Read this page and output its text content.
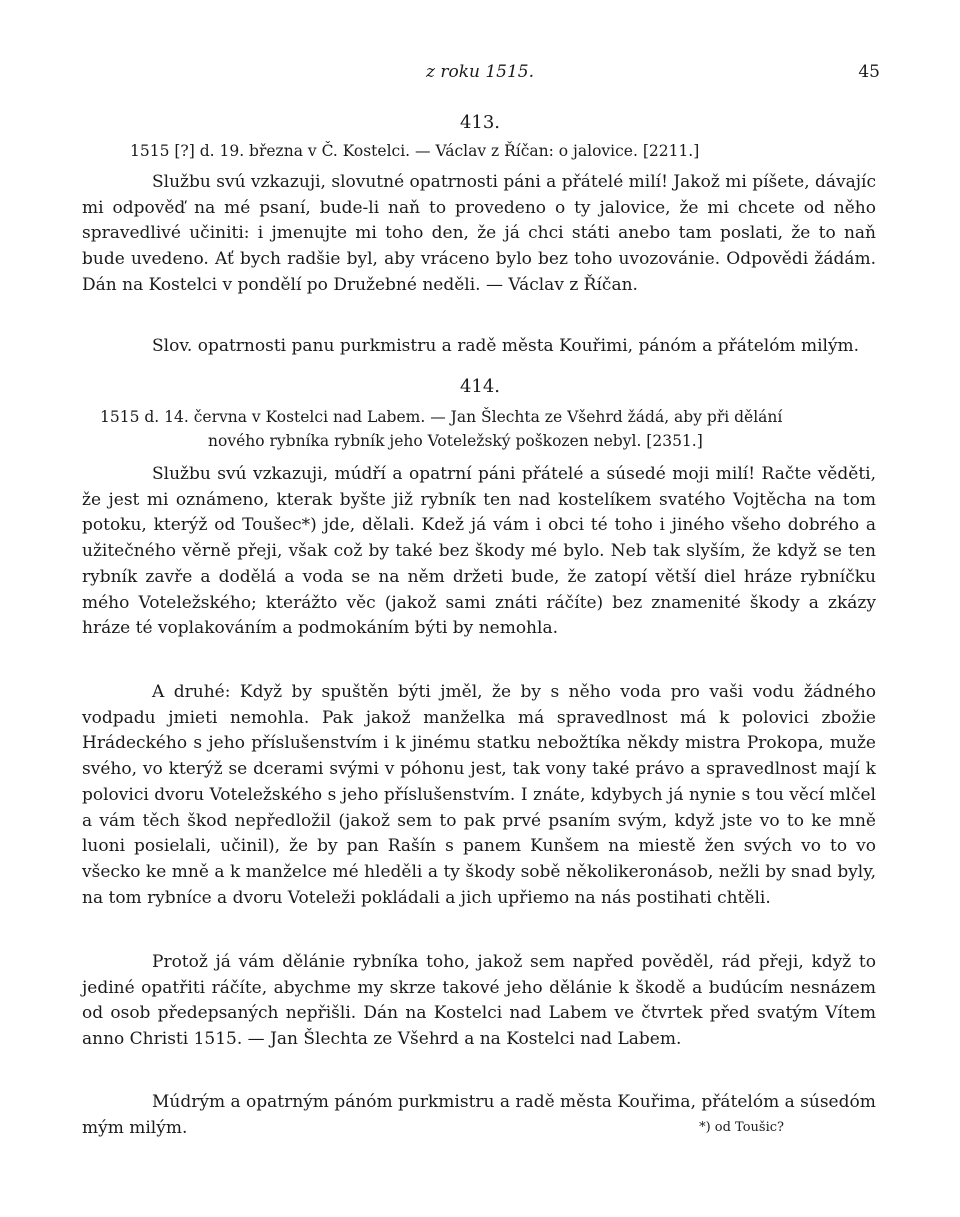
z roku 1515.	45
413.
1515 [?] d. 19. března v Č. Kostelci. — Václav z Říčan: o jalovice. [2211.]
Službu svú vzkazuji, slovutné opatrnosti páni a přátelé milí! Jakož mi píšete, dávajíc mi odpověď na mé psaní, bude-li naň to provedeno o ty jalovice, že mi chcete od něho spravedlivé učiniti: i jmenujte mi toho den, že já chci státi anebo tam poslati, že to naň bude uvedeno. Ať bych radšie byl, aby vráceno bylo bez toho uvozovánie. Odpovědi žádám. Dán na Kostelci v pondělí po Družebné neděli. — Václav z Říčan.
Slov. opatrnosti panu purkmistru a radě města Kouřimi, pánóm a přátelóm milým.
414.
1515 d. 14. června v Kostelci nad Labem. — Jan Šlechta ze Všehrd žádá, aby při dělání
nového rybníka rybník jeho Voteležský poškozen nebyl. [2351.]
Službu svú vzkazuji, múdří a opatrní páni přátelé a súsedé moji milí! Račte věděti, že jest mi oznámeno, kterak byšte již rybník ten nad kostelíkem svatého Vojtěcha na tom potoku, kterýž od Toušec*) jde, dělali. Kdež já vám i obci té toho i jiného všeho dobrého a užitečného věrně přeji, však což by také bez škody mé bylo. Neb tak slyším, že když se ten rybník zavře a dodělá a voda se na něm držeti bude, že zatopí větší diel hráze rybníčku mého Voteležského; kterážto věc (jakož sami znáti ráčíte) bez znamenité škody a zkázy hráze té voplakováním a podmokáním býti by nemohla.
A druhé: Když by spuštěn býti jměl, že by s něho voda pro vaši vodu žádného vodpadu jmieti nemohla. Pak jakož manželka má spravedlnost má k polovici zbožie Hrádeckého s jeho příslušenstvím i k jinému statku nebožtíka někdy mistra Prokopa, muže svého, vo kterýž se dcerami svými v póhonu jest, tak vony také právo a spravedlnost mají k polovici dvoru Voteležského s jeho příslušenstvím. I znáte, kdybych já nynie s tou věcí mlčel a vám těch škod nepředložil (jakož sem to pak prvé psaním svým, když jste vo to ke mně luoni posielali, učinil), že by pan Rašín s panem Kunšem na miestě žen svých vo to vo všecko ke mně a k manželce mé hleděli a ty škody sobě několikeronásob, nežli by snad byly, na tom rybníce a dvoru Voteleži pokládali a jich upřiemo na nás postihati chtěli.
Protož já vám dělánie rybníka toho, jakož sem napřed pověděl, rád přeji, když to jediné opatřiti ráčíte, abychme my skrze takové jeho dělánie k škodě a budúcím nesnázem od osob předepsaných nepřišli. Dán na Kostelci nad Labem ve čtvrtek před svatým Vítem anno Christi 1515. — Jan Šlechta ze Všehrd a na Kostelci nad Labem.
Múdrým a opatrným pánóm purkmistru a radě města Kouřima, přátelóm a súsedóm mým milým.	*) od Toušic?
